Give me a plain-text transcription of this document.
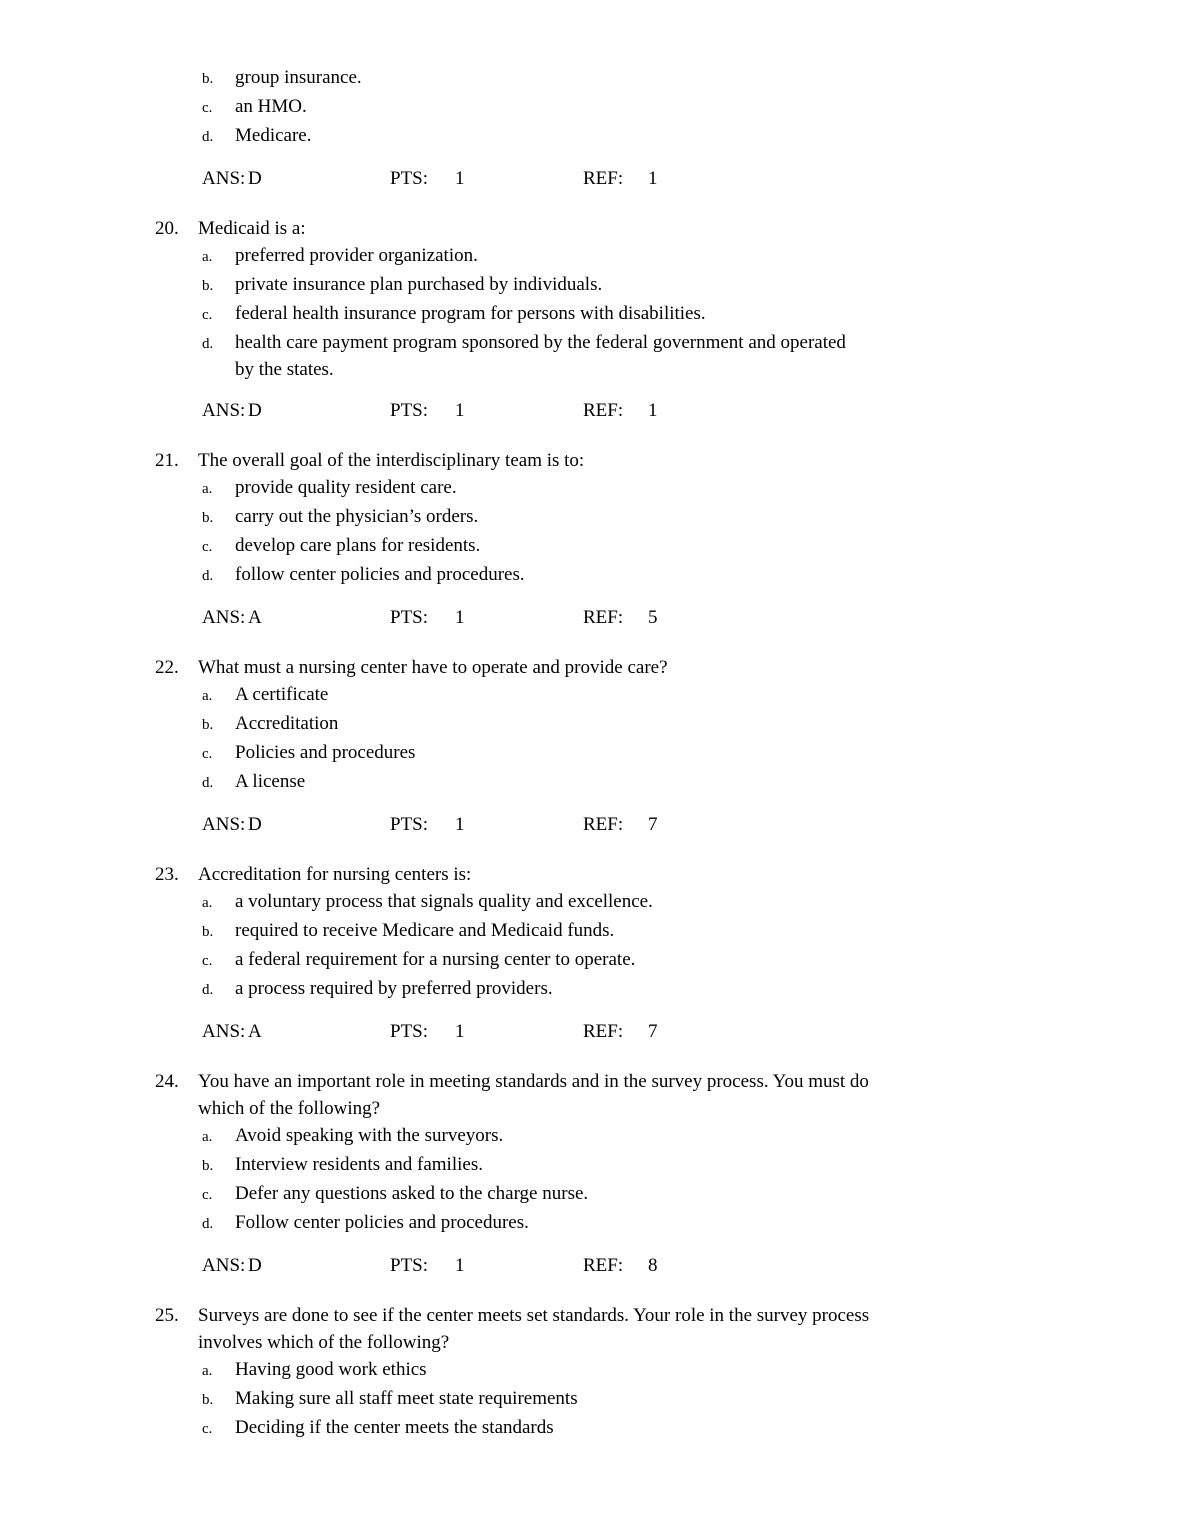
b.	group insurance.
c.	an HMO.
d.	Medicare.
ANS: D	PTS:	1	REF:	1
20.	Medicaid is a:
a.	preferred provider organization.
b.	private insurance plan purchased by individuals.
c.	federal health insurance program for persons with disabilities.
d.	health care payment program sponsored by the federal government and operated
by the states.
ANS: D	PTS:	1	REF:	1
21.	The overall goal of the interdisciplinary team is to:
a.	provide quality resident care.
b.	carry out the physician’s orders.
c.	develop care plans for residents.
d.	follow center policies and procedures.
ANS: A	PTS:	1	REF:	5
22.	What must a nursing center have to operate and provide care?
a.	A certificate
b.	Accreditation
c.	Policies and procedures
d.	A license
ANS: D	PTS:	1	REF:	7
23.	Accreditation for nursing centers is:
a.	a voluntary process that signals quality and excellence.
b.	required to receive Medicare and Medicaid funds.
c.	a federal requirement for a nursing center to operate.
d.	a process required by preferred providers.
ANS: A	PTS:	1	REF:	7
24.	You have an important role in meeting standards and in the survey process. You must do
which of the following?
a.	Avoid speaking with the surveyors.
b.	Interview residents and families.
c.	Defer any questions asked to the charge nurse.
d.	Follow center policies and procedures.
ANS: D	PTS:	1	REF:	8
25.	Surveys are done to see if the center meets set standards. Your role in the survey process
involves which of the following?
a.	Having good work ethics
b.	Making sure all staff meet state requirements
c.	Deciding if the center meets the standards
